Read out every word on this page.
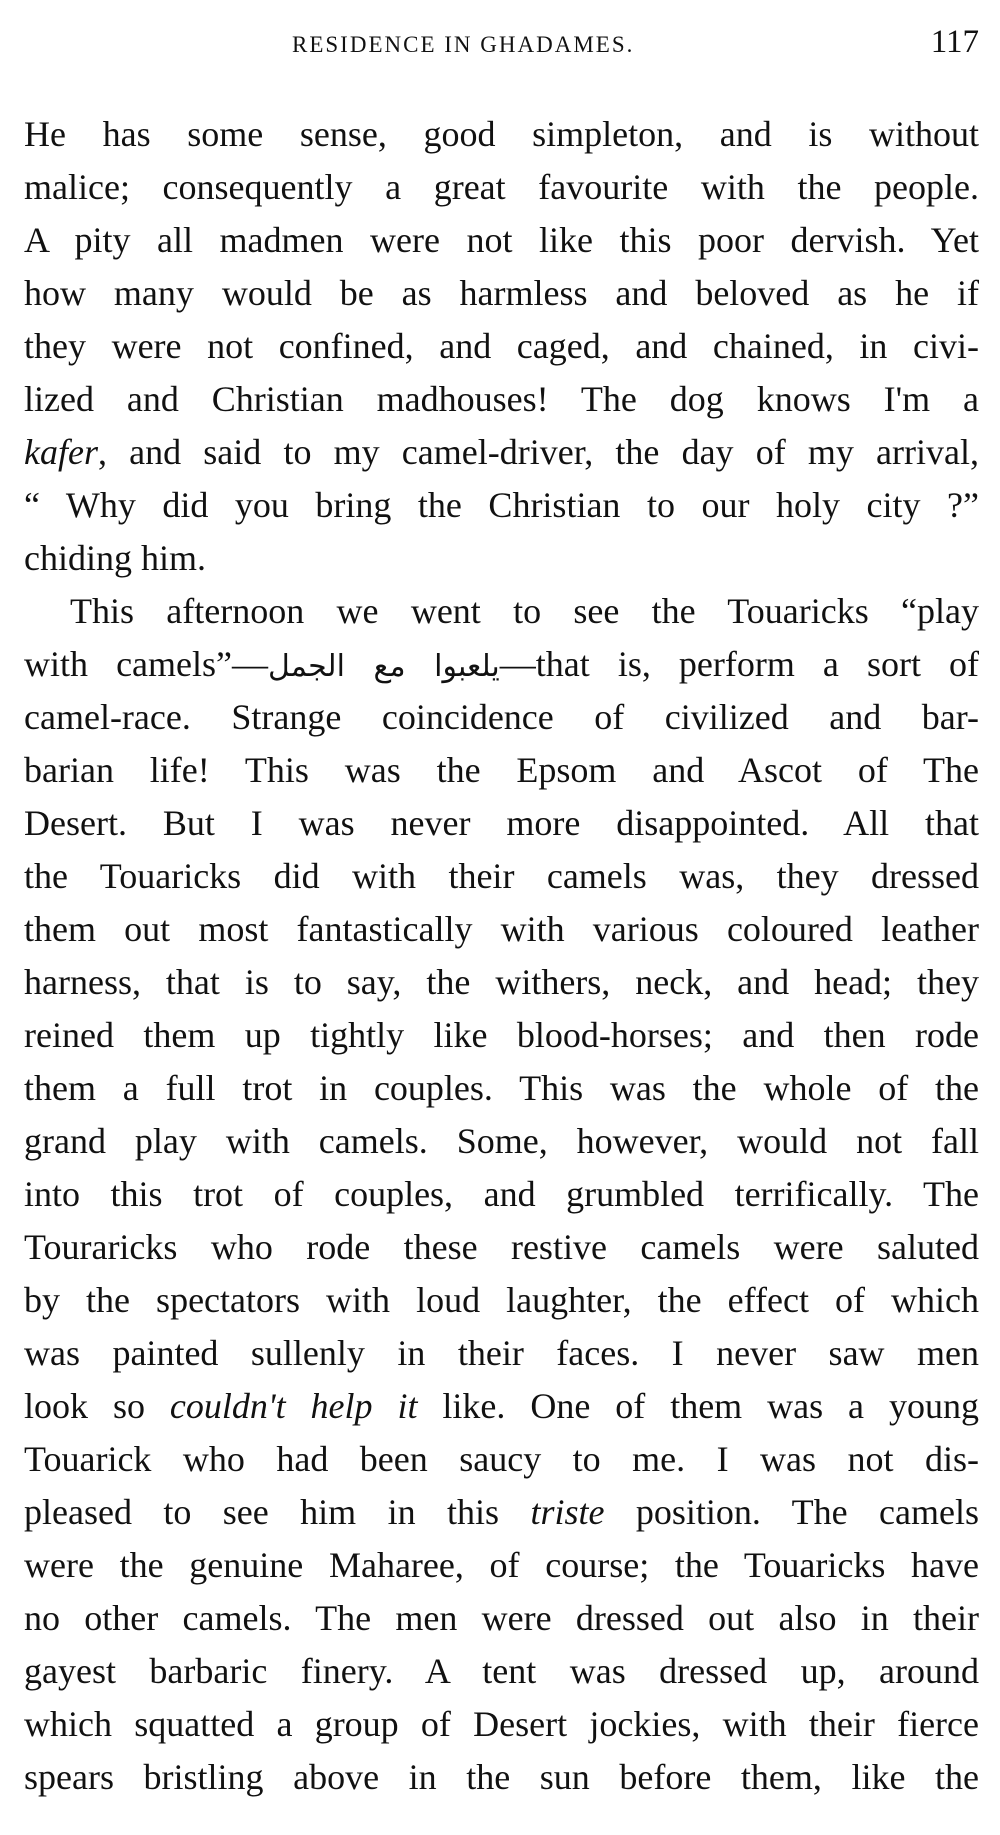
RESIDENCE IN GHADAMES.	117
He has some sense, good simpleton, and is without
malice; consequently a great favourite with the people.
A pity all madmen were not like this poor dervish. Yet
how many would be as harmless and beloved as he if
they were not confined, and caged, and chained, in civi-
lized and Christian madhouses! The dog knows I'm a
kafer, and said to my camel-driver, the day of my arrival,
“ Why did you bring the Christian to our holy city ?”
chiding him.
This afternoon we went to see the Touaricks “play
with camels”—يلعبوا مع الجمل—that is, perform a sort of
camel-race. Strange coincidence of civilized and bar-
barian life! This was the Epsom and Ascot of The
Desert. But I was never more disappointed. All that
the Touaricks did with their camels was, they dressed
them out most fantastically with various coloured leather
harness, that is to say, the withers, neck, and head; they
reined them up tightly like blood-horses; and then rode
them a full trot in couples. This was the whole of the
grand play with camels. Some, however, would not fall
into this trot of couples, and grumbled terrifically. The
Touraricks who rode these restive camels were saluted
by the spectators with loud laughter, the effect of which
was painted sullenly in their faces. I never saw men
look so couldn't help it like. One of them was a young
Touarick who had been saucy to me. I was not dis-
pleased to see him in this triste position. The camels
were the genuine Maharee, of course; the Touaricks have
no other camels. The men were dressed out also in their
gayest barbaric finery. A tent was dressed up, around
which squatted a group of Desert jockies, with their fierce
spears bristling above in the sun before them, like the
